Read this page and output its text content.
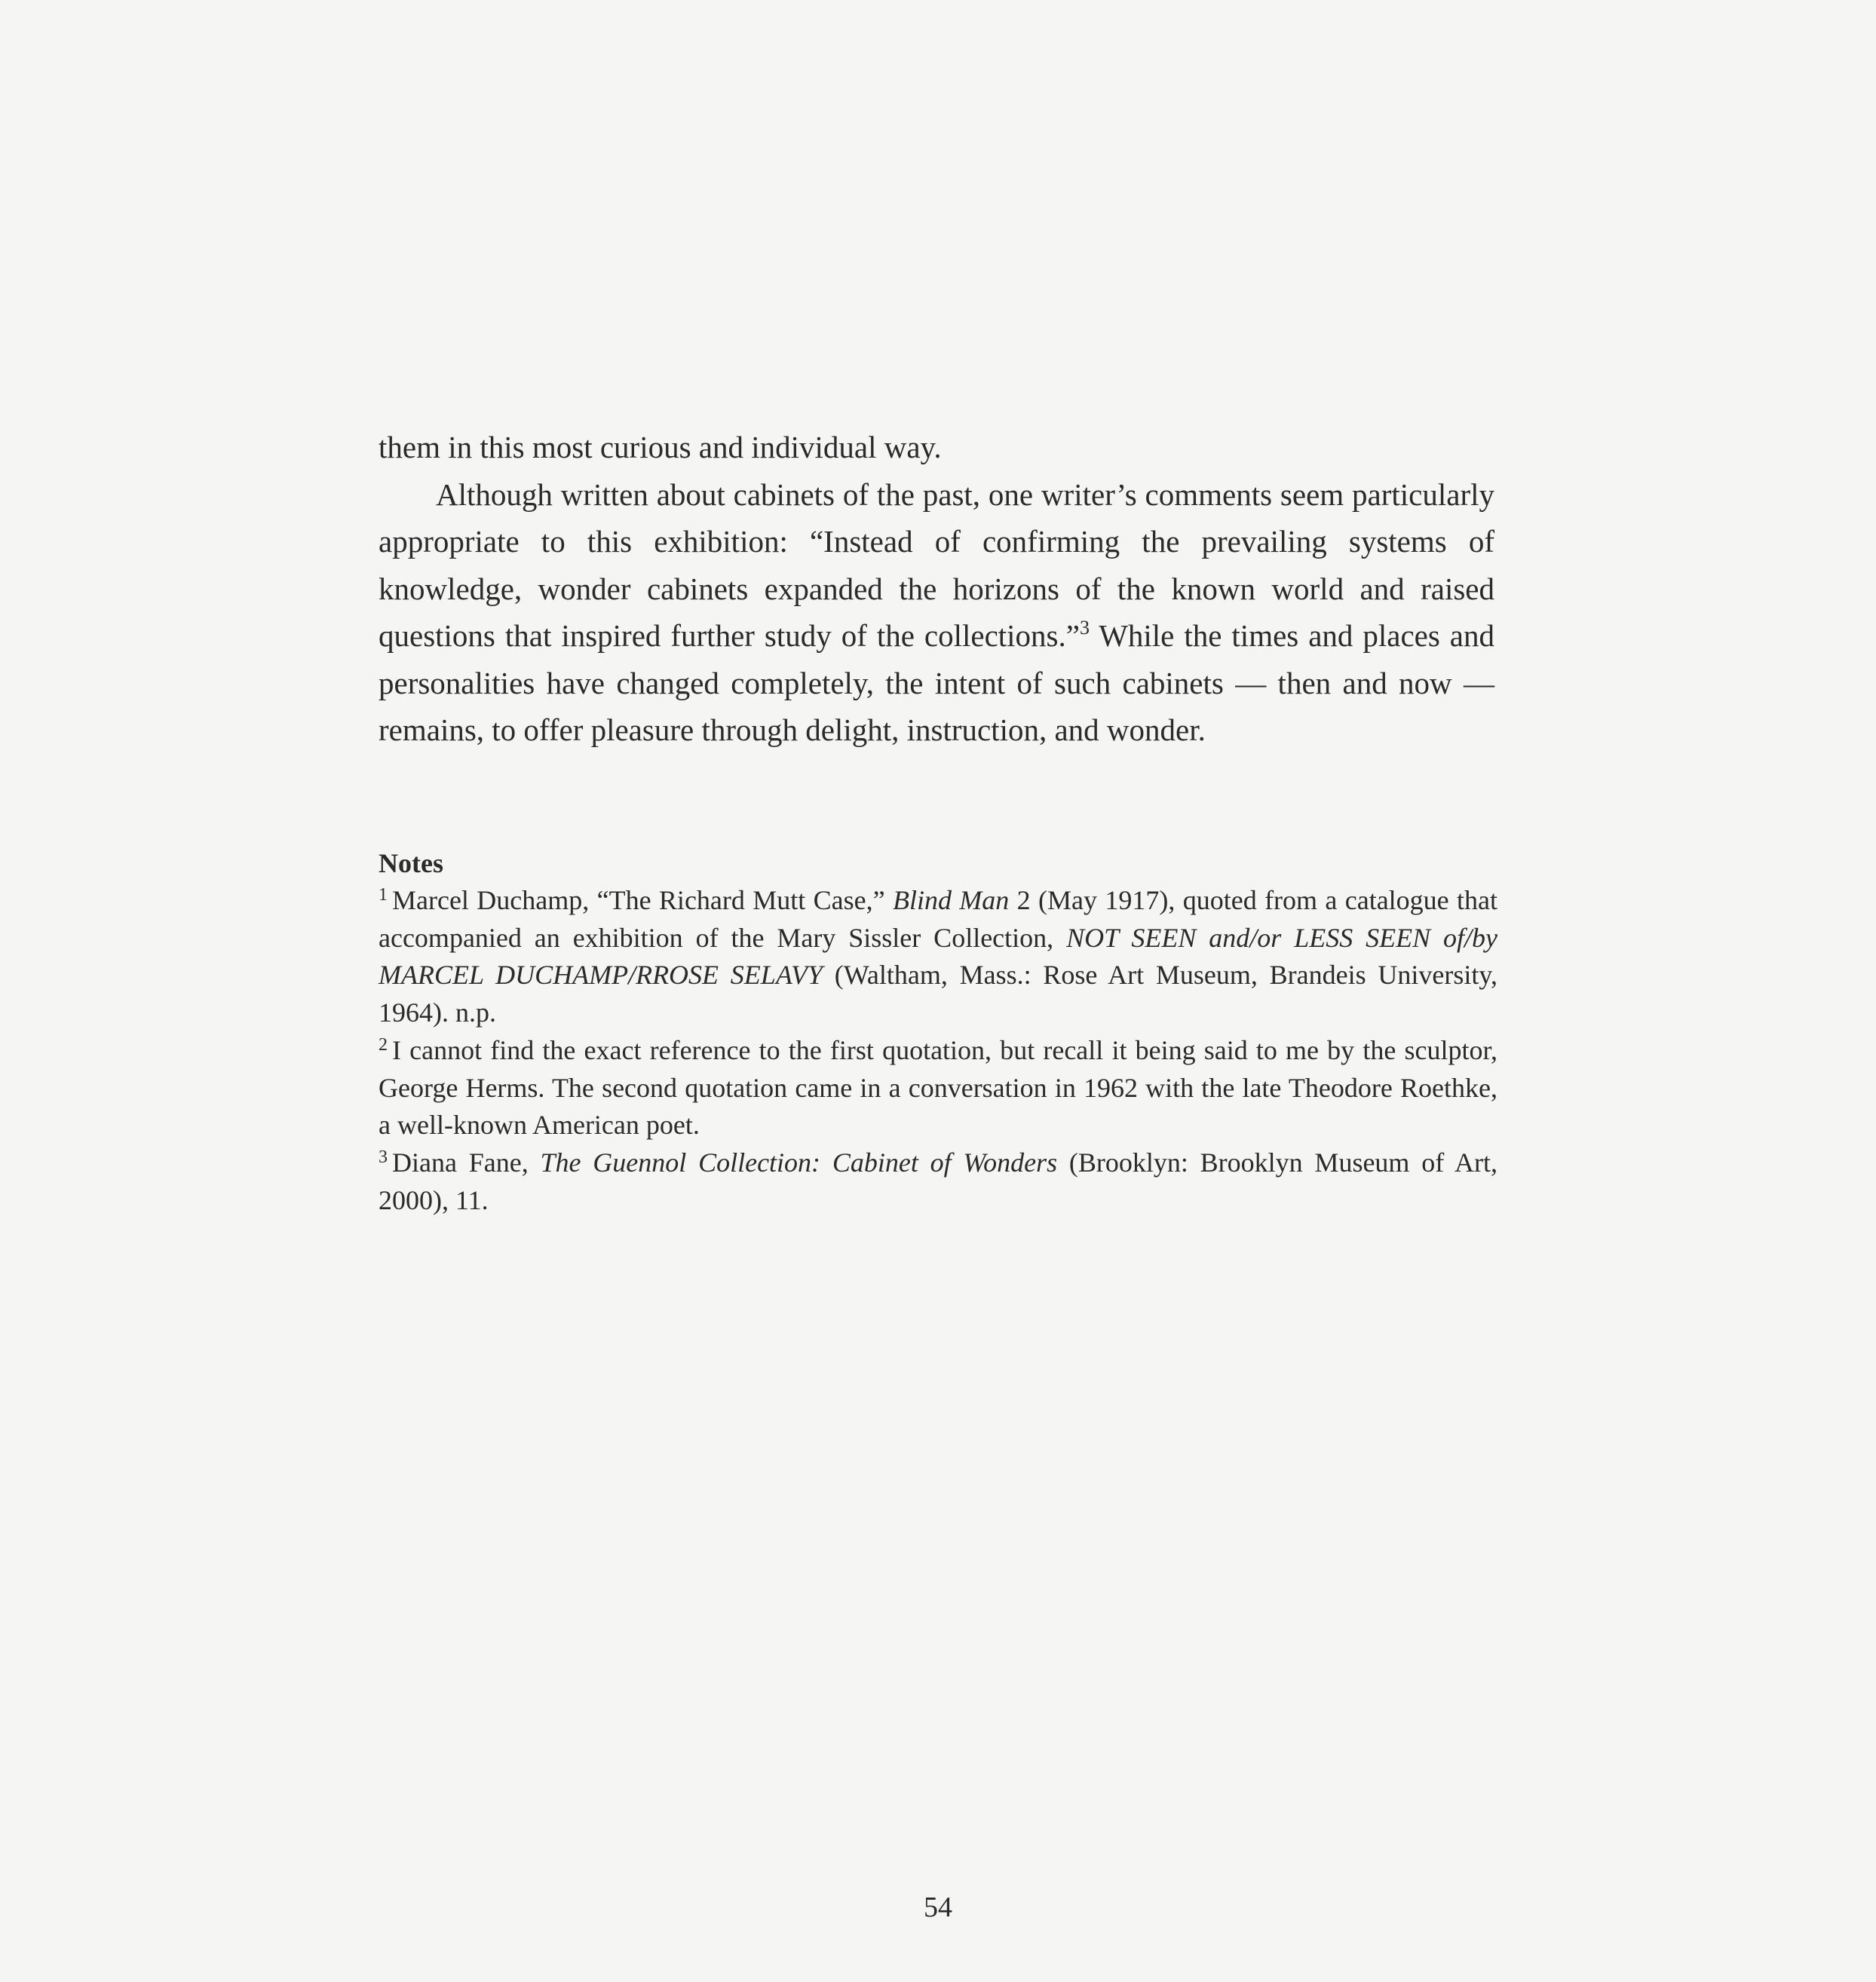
them in this most curious and individual way.

Although written about cabinets of the past, one writer’s comments seem particularly appropriate to this exhibition: “Instead of confirming the prevailing systems of knowledge, wonder cabinets expanded the horizons of the known world and raised questions that inspired further study of the collections.”$^3$ While the times and places and personalities have changed completely, the intent of such cabinets — then and now — remains, to offer pleasure through delight, instruction, and wonder.

Notes

$^1$ Marcel Duchamp, “The Richard Mutt Case,” Blind Man 2 (May 1917), quoted from a catalogue that accompanied an exhibition of the Mary Sissler Collection, NOT SEEN and/or LESS SEEN of/by MARCEL DUCHAMP/RROSE SELAVY (Waltham, Mass.: Rose Art Museum, Brandeis University, 1964). n.p.

$^2$ I cannot find the exact reference to the first quotation, but recall it being said to me by the sculptor, George Herms. The second quotation came in a conversation in 1962 with the late Theodore Roethke, a well-known American poet.

$^3$ Diana Fane, The Guennol Collection: Cabinet of Wonders (Brooklyn: Brooklyn Museum of Art, 2000), 11.

54
